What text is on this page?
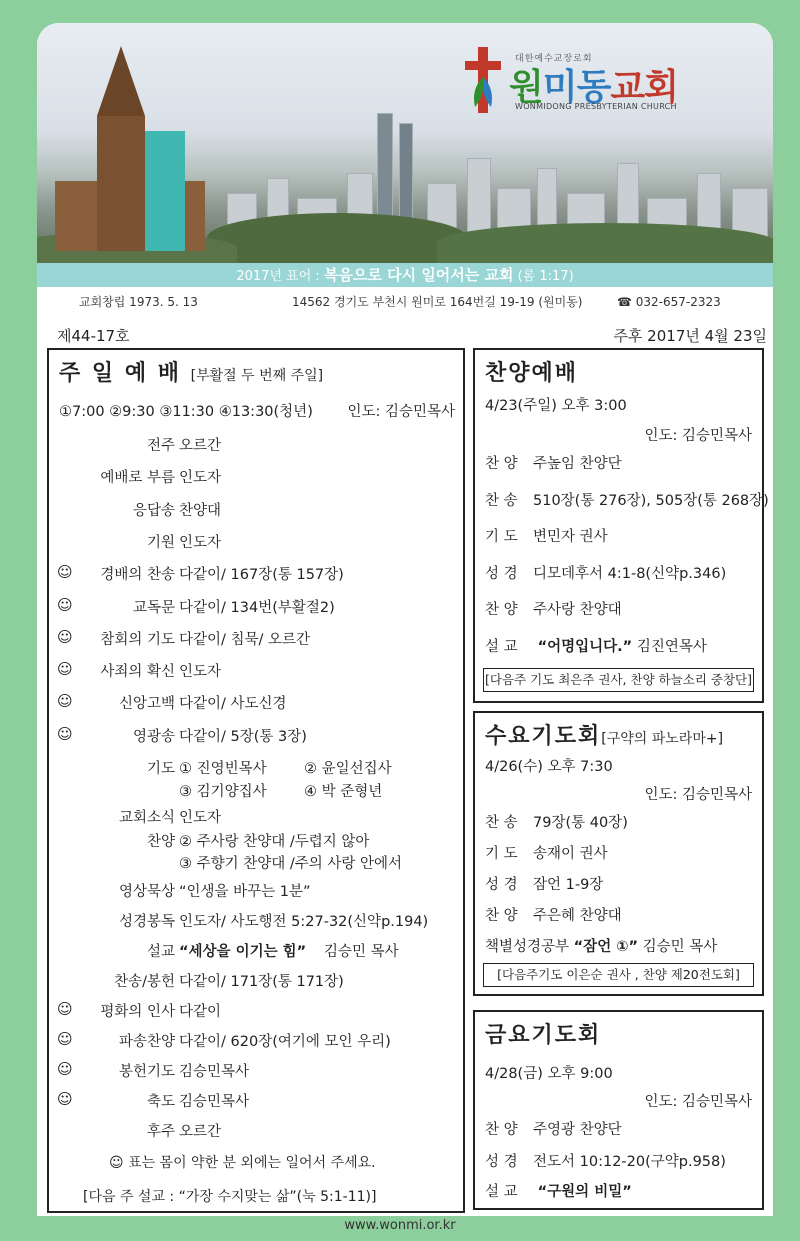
대한예수교장로회
원미동교회
WONMIDONG PRESBYTERIAN CHURCH
2017년 표어 : 복음으로 다시 일어서는 교회 (롬 1:17)
교회창립 1973. 5. 13	14562 경기도 부천시 원미로 164번길 19-19 (원미동)	☎ 032-657-2323
제44-17호	주후 2017년 4월 23일
주 일 예 배 [부활절 두 번째 주일]
①7:00 ②9:30 ③11:30 ④13:30(청년) 인도: 김승민목사
전주 오르간
예배로 부름 인도자
응답송 찬양대
기원 인도자
☺ 경배의 찬송 다같이/ 167장(통 157장)
☺	교독문 다같이/ 134번(부활절2)
☺ 참회의 기도 다같이/ 침묵/ 오르간
☺ 사죄의 확신 인도자
☺	신앙고백 다같이/ 사도신경
☺	영광송 다같이/ 5장(통 3장)
기도 ① 진영빈목사	② 윤일선집사
③ 김기양집사	④ 박 준형년
교회소식 인도자
찬양 ② 주사랑 찬양대 /두렵지 않아
③ 주향기 찬양대 /주의 사랑 안에서
영상묵상 “인생을 바꾸는 1분”
성경봉독 인도자/ 사도행전 5:27-32(신약p.194)
설교 “세상을 이기는 힘” 김승민 목사
찬송/봉헌 다같이/ 171장(통 171장)
☺ 평화의 인사 다같이
☺	파송찬양 다같이/ 620장(여기에 모인 우리)
☺	봉헌기도 김승민목사
☺	축도 김승민목사
후주 오르간
☺ 표는 몸이 약한 분 외에는 일어서 주세요.
[다음 주 설교 : “가장 수지맞는 삶”(눅 5:1-11)]
찬양예배
4/23(주일) 오후 3:00
인도: 김승민목사
찬 양 주높임 찬양단
찬 송 510장(통 276장), 505장(통 268장)
기 도 변민자 권사
성 경 디모데후서 4:1-8(신약p.346)
찬 양 주사랑 찬양대
설 교 “어명입니다.” 김진연목사
[다음주 기도 최은주 권사, 찬양 하늘소리 중창단]
수요기도회[구약의 파노라마+]
4/26(수) 오후 7:30
인도: 김승민목사
찬 송 79장(통 40장)
기 도 송재이 권사
성 경 잠언 1-9장
찬 양 주은혜 찬양대
책별성경공부 “잠언 ①” 김승민 목사
[다음주기도 이은순 권사 , 찬양 제20전도회]
금요기도회
4/28(금) 오후 9:00
인도: 김승민목사
찬 양 주영광 찬양단
성 경 전도서 10:12-20(구약p.958)
설 교 “구원의 비밀”
www.wonmi.or.kr
